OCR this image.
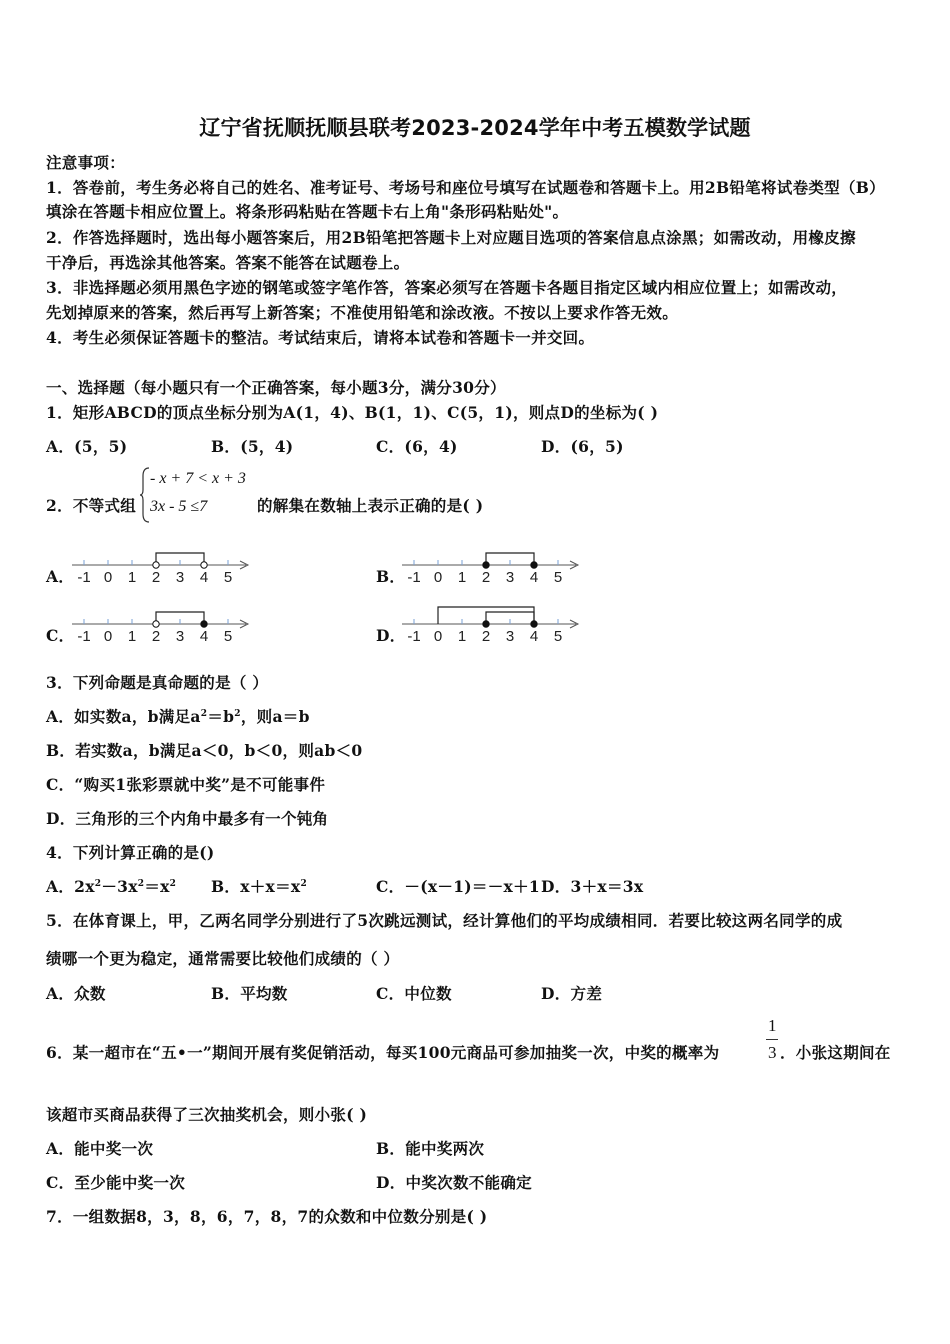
辽宁省抚顺抚顺县联考2023-2024学年中考五模数学试题
注意事项：
1．答卷前，考生务必将自己的姓名、准考证号、考场号和座位号填写在试题卷和答题卡上。用2B铅笔将试卷类型（B）
填涂在答题卡相应位置上。将条形码粘贴在答题卡右上角"条形码粘贴处"。
2．作答选择题时，选出每小题答案后，用2B铅笔把答题卡上对应题目选项的答案信息点涂黑；如需改动，用橡皮擦
干净后，再选涂其他答案。答案不能答在试题卷上。
3．非选择题必须用黑色字迹的钢笔或签字笔作答，答案必须写在答题卡各题目指定区域内相应位置上；如需改动，
先划掉原来的答案，然后再写上新答案；不准使用铅笔和涂改液。不按以上要求作答无效。
4．考生必须保证答题卡的整洁。考试结束后，请将本试卷和答题卡一并交回。
一、选择题（每小题只有一个正确答案，每小题3分，满分30分）
1．矩形ABCD的顶点坐标分别为A(1，4)、B(1，1)、C(5，1)，则点D的坐标为( )
A．(5，5)	B．(5，4)	C．(6，4)	D．(6，5)
2．不等式组
- x + 7 < x + 3
3x - 5 ≤7	的解集在数轴上表示正确的是( )
A． -1 0 1 2 3 4 5	B． -1 0 1 2 3 4 5
C． -1 0 1 2 3 4 5	D． -1 0 1 2 3 4 5
3．下列命题是真命题的是（ ）
A．如实数a，b满足$a^2=b^2$，则a＝b
B．若实数a，b满足a＜0，b＜0，则ab＜0
C．“购买1张彩票就中奖”是不可能事件
D．三角形的三个内角中最多有一个钝角
4．下列计算正确的是()
A．$2x^2-3x^2=x^2$ B．$x+x=x^2$	C．－(x－1)＝－x＋1 D．3＋x＝3x
5．在体育课上，甲，乙两名同学分别进行了5次跳远测试，经计算他们的平均成绩相同．若要比较这两名同学的成
绩哪一个更为稳定，通常需要比较他们成绩的（ ）
A．众数	B．平均数	C．中位数	D．方差
6．某一超市在“五•一”期间开展有奖促销活动，每买100元商品可参加抽奖一次，中奖的概率为
1
3 ．小张这期间在
该超市买商品获得了三次抽奖机会，则小张( )
A．能中奖一次	B．能中奖两次
C．至少能中奖一次	D．中奖次数不能确定
7．一组数据8，3，8，6，7，8，7的众数和中位数分别是( )
